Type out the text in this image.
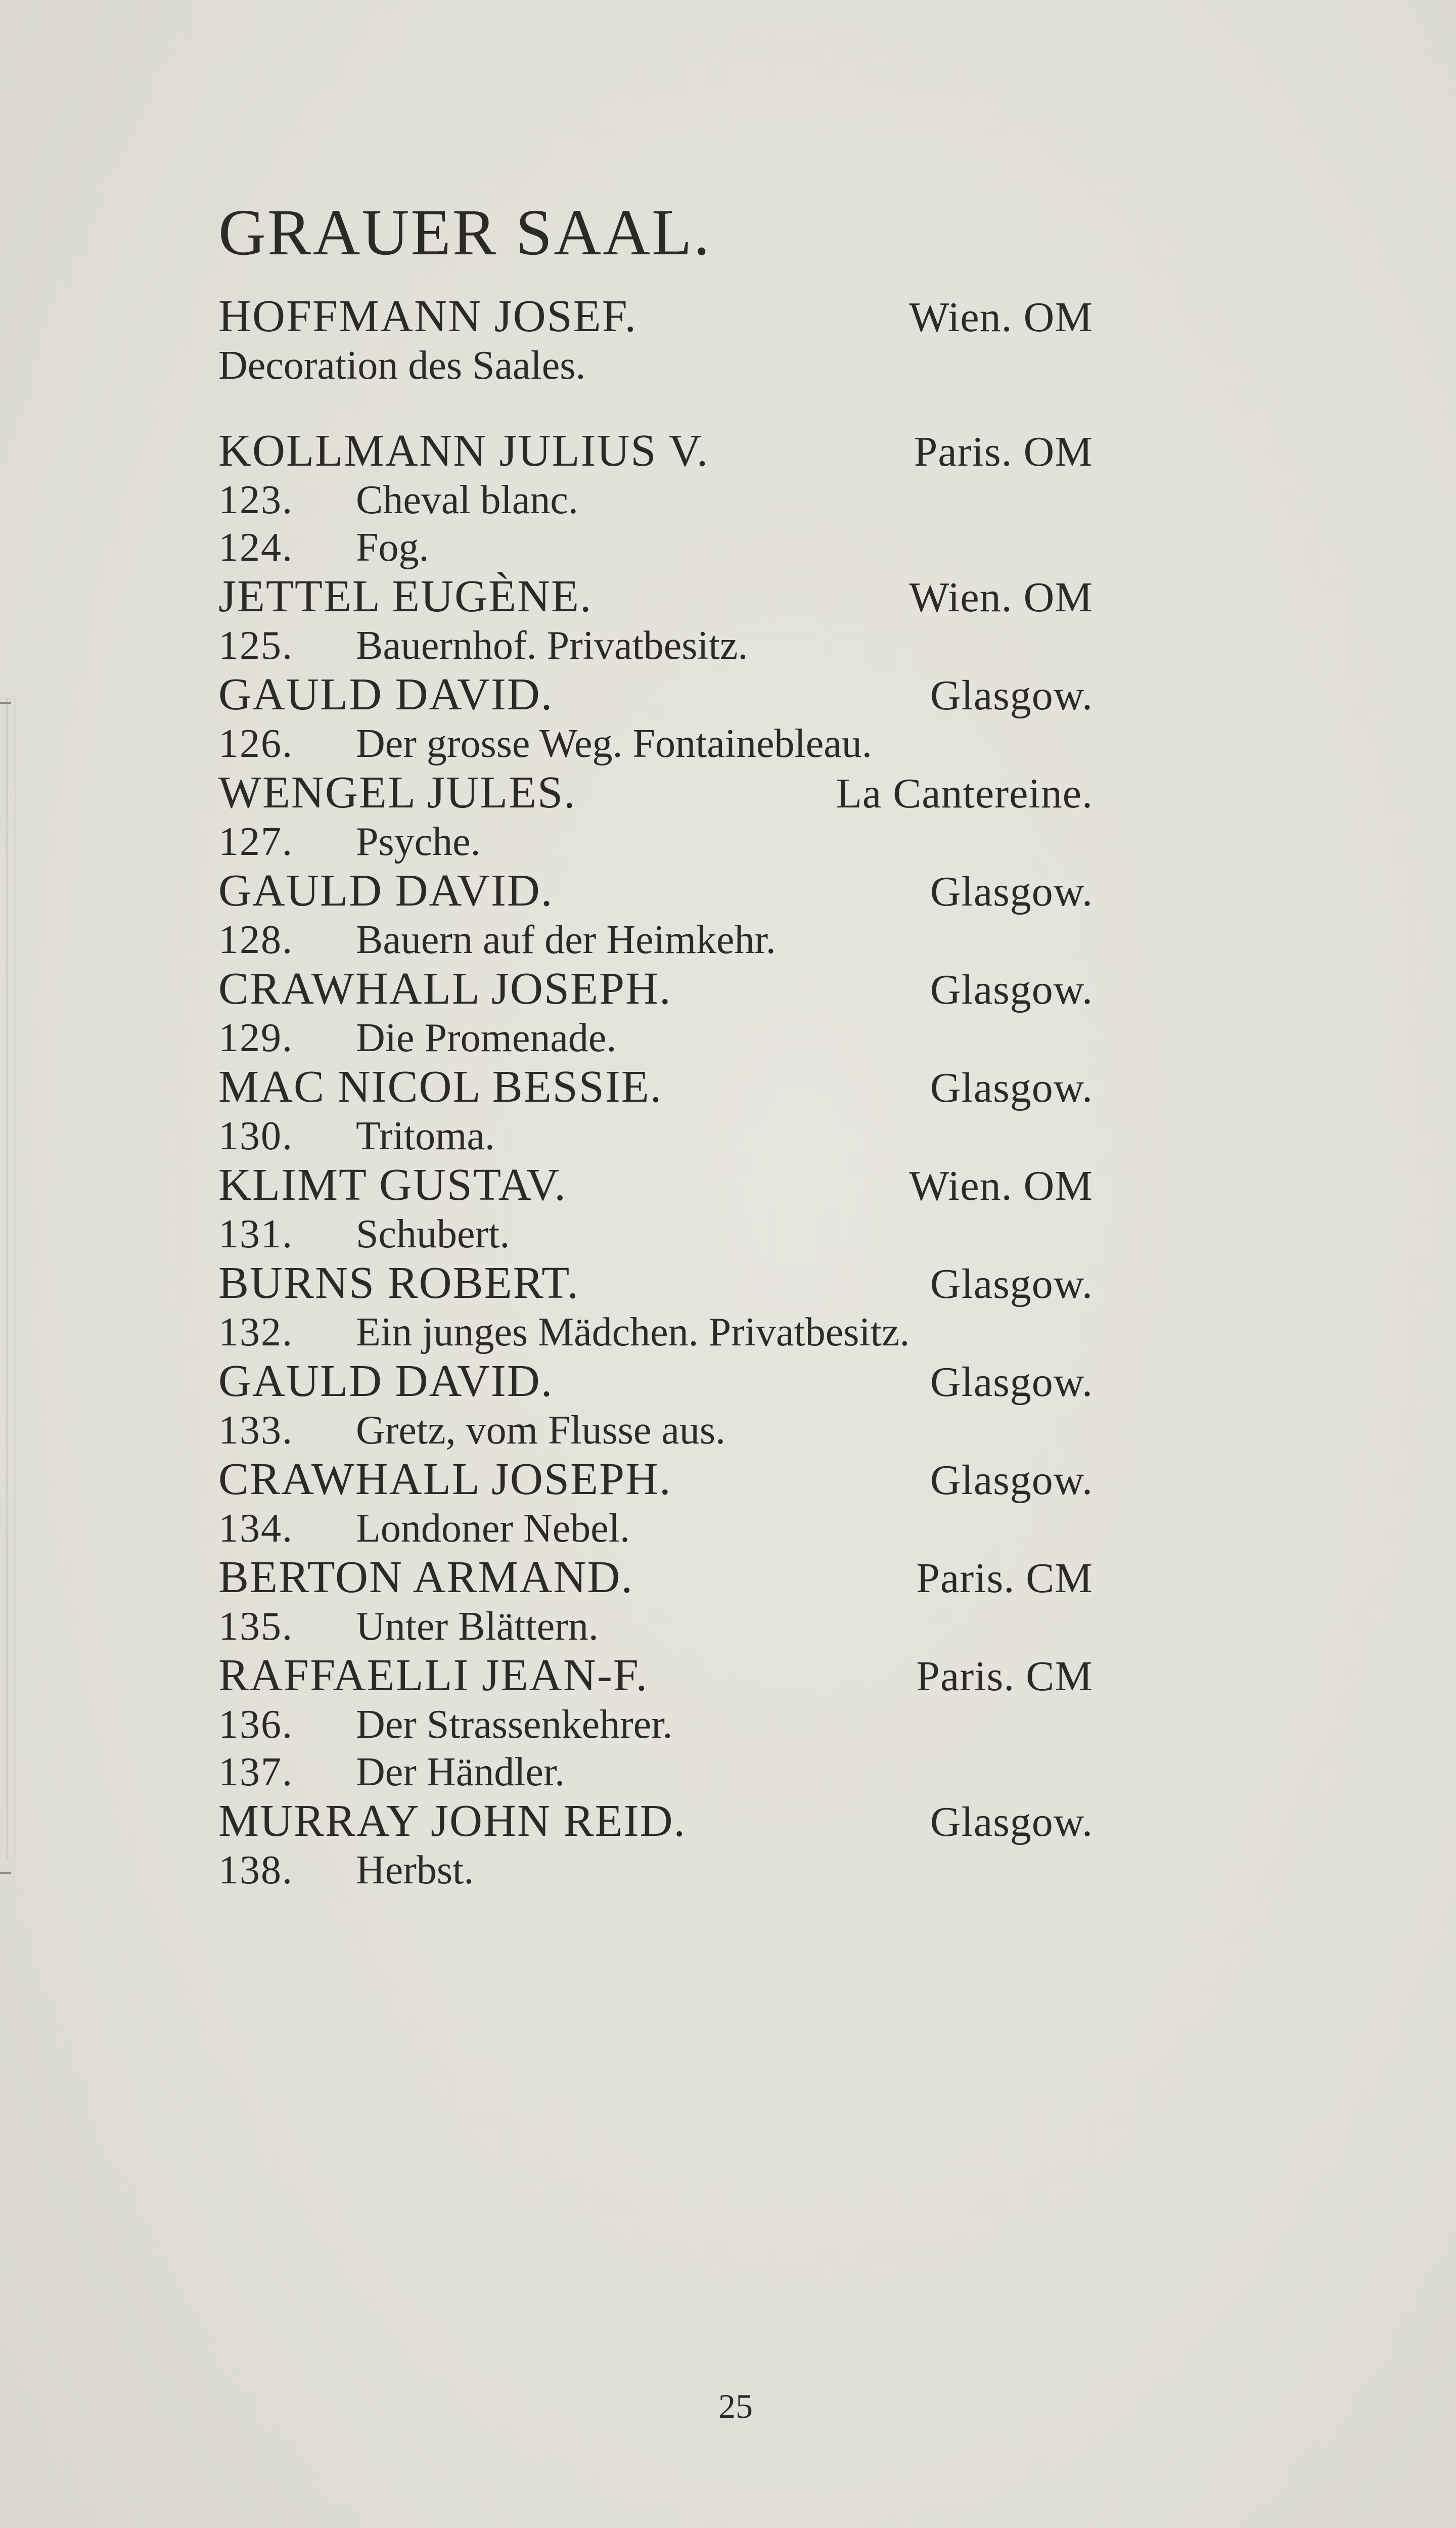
GRAUER SAAL.
HOFFMANN JOSEF.	Wien. OM
Decoration des Saales.
KOLLMANN JULIUS V.	Paris. OM
123. Cheval blanc.
124. Fog.
JETTEL EUGÈNE.	Wien. OM
125. Bauernhof. Privatbesitz.
GAULD DAVID.	Glasgow.
126. Der grosse Weg. Fontainebleau.
WENGEL JULES.	La Cantereine.
127. Psyche.
GAULD DAVID.	Glasgow.
128. Bauern auf der Heimkehr.
CRAWHALL JOSEPH.	Glasgow.
129. Die Promenade.
MAC NICOL BESSIE.	Glasgow.
130. Tritoma.
KLIMT GUSTAV.	Wien. OM
131. Schubert.
BURNS ROBERT.	Glasgow.
132. Ein junges Mädchen. Privatbesitz.
GAULD DAVID.	Glasgow.
133. Gretz, vom Flusse aus.
CRAWHALL JOSEPH.	Glasgow.
134. Londoner Nebel.
BERTON ARMAND.	Paris. CM
135. Unter Blättern.
RAFFAELLI JEAN-F.	Paris. CM
136. Der Strassenkehrer.
137. Der Händler.
MURRAY JOHN REID.	Glasgow.
138. Herbst.
25
